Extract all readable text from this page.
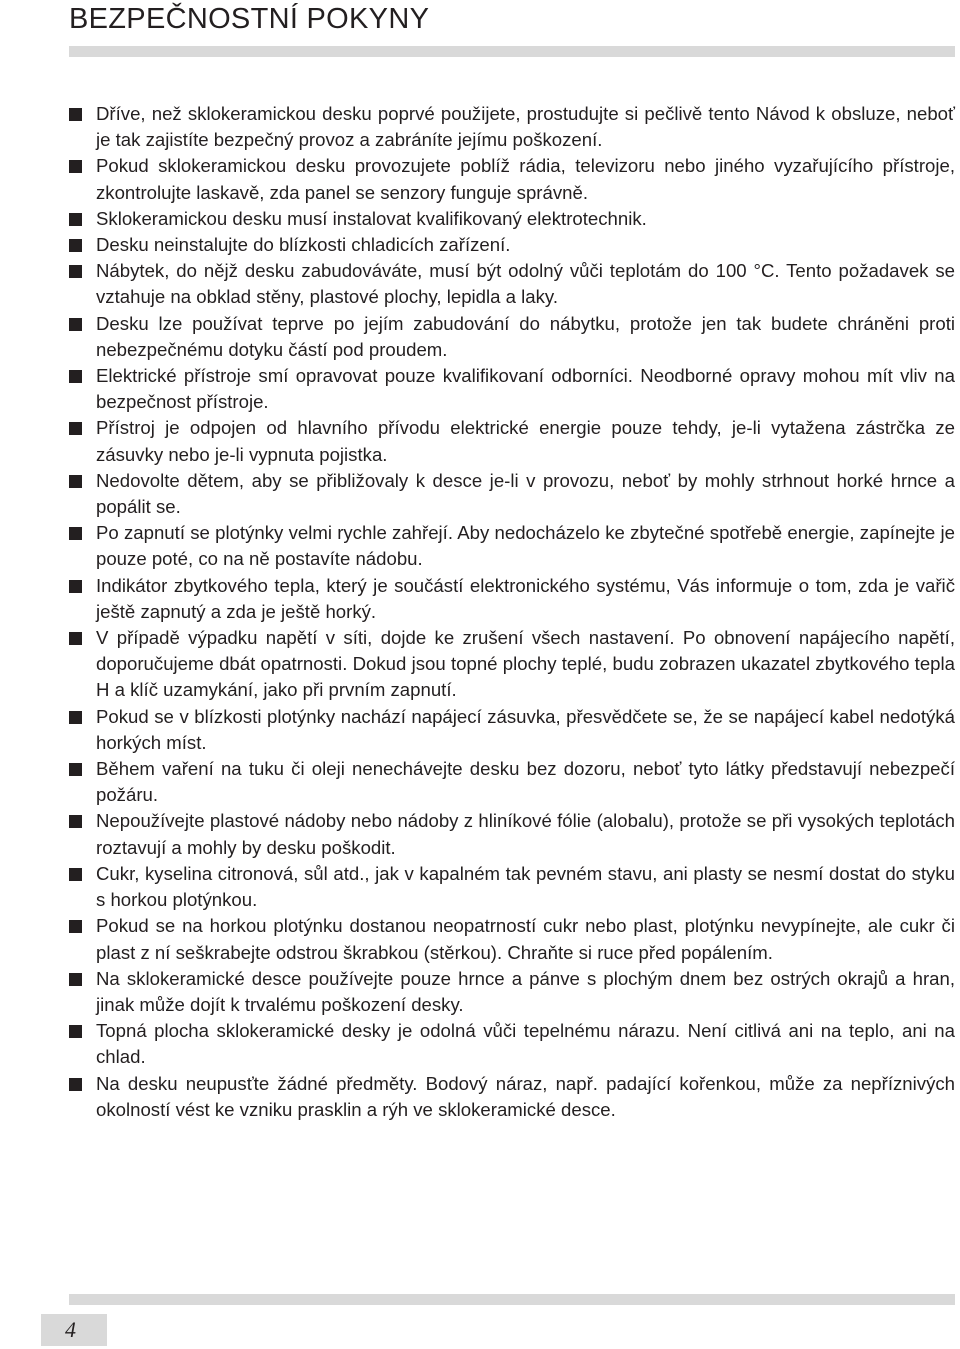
BEZPEČNOSTNÍ POKYNY
Dříve, než sklokeramickou desku poprvé použijete, prostudujte si pečlivě tento Návod k obsluze, neboť je tak zajistíte bezpečný provoz a zabráníte jejímu poškození.
Pokud sklokeramickou desku provozujete poblíž rádia, televizoru nebo jiného vyzařujícího přístroje, zkontrolujte laskavě, zda panel se senzory funguje správně.
Sklokeramickou desku musí instalovat kvalifikovaný elektrotechnik.
Desku neinstalujte do blízkosti chladicích zařízení.
Nábytek, do nějž desku zabudováváte, musí být odolný vůči teplotám do 100 °C. Tento požadavek se vztahuje na obklad stěny, plastové plochy, lepidla a laky.
Desku lze používat teprve po jejím zabudování do nábytku, protože jen tak budete chráněni proti nebezpečnému dotyku částí pod proudem.
Elektrické přístroje smí opravovat pouze kvalifikovaní odborníci. Neodborné opravy mohou mít vliv na bezpečnost přístroje.
Přístroj je odpojen od hlavního přívodu elektrické energie pouze tehdy, je-li vytažena zástrčka ze zásuvky nebo je-li vypnuta pojistka.
Nedovolte dětem, aby se přibližovaly k desce je-li v provozu, neboť by mohly strhnout horké hrnce a popálit se.
Po zapnutí se plotýnky velmi rychle zahřejí. Aby nedocházelo ke zbytečné spotřebě energie, zapínejte je pouze poté, co na ně postavíte nádobu.
Indikátor zbytkového tepla, který je součástí elektronického systému, Vás informuje o tom, zda je vařič ještě zapnutý a zda je ještě horký.
V případě výpadku napětí v síti, dojde ke zrušení všech nastavení. Po obnovení napájecího napětí, doporučujeme dbát opatrnosti. Dokud jsou topné plochy teplé, budu zobrazen ukazatel zbytkového tepla H a klíč uzamykání, jako při prvním zapnutí.
Pokud se v blízkosti plotýnky nachází napájecí zásuvka, přesvědčete se, že se napájecí kabel nedotýká horkých míst.
Během vaření na tuku či oleji nenechávejte desku bez dozoru, neboť tyto látky představují nebezpečí požáru.
Nepoužívejte plastové nádoby nebo nádoby z hliníkové fólie (alobalu), protože se při vysokých teplotách roztavují a mohly by desku poškodit.
Cukr, kyselina citronová, sůl atd., jak v kapalném tak pevném stavu, ani plasty se nesmí dostat do styku s horkou plotýnkou.
Pokud se na horkou plotýnku dostanou neopatrností cukr nebo plast, plotýnku nevypínejte, ale cukr či plast z ní seškrabejte odstrou škrabkou (stěrkou). Chraňte si ruce před popálením.
Na sklokeramické desce používejte pouze hrnce a pánve s plochým dnem bez ostrých okrajů a hran, jinak může dojít k trvalému poškození desky.
Topná plocha sklokeramické desky je odolná vůči tepelnému nárazu. Není citlivá ani na teplo, ani na chlad.
Na desku neupusťte žádné předměty. Bodový náraz, např. padající kořenkou, může za nepříznivých okolností vést ke vzniku prasklin a rýh ve sklokeramické desce.
4
